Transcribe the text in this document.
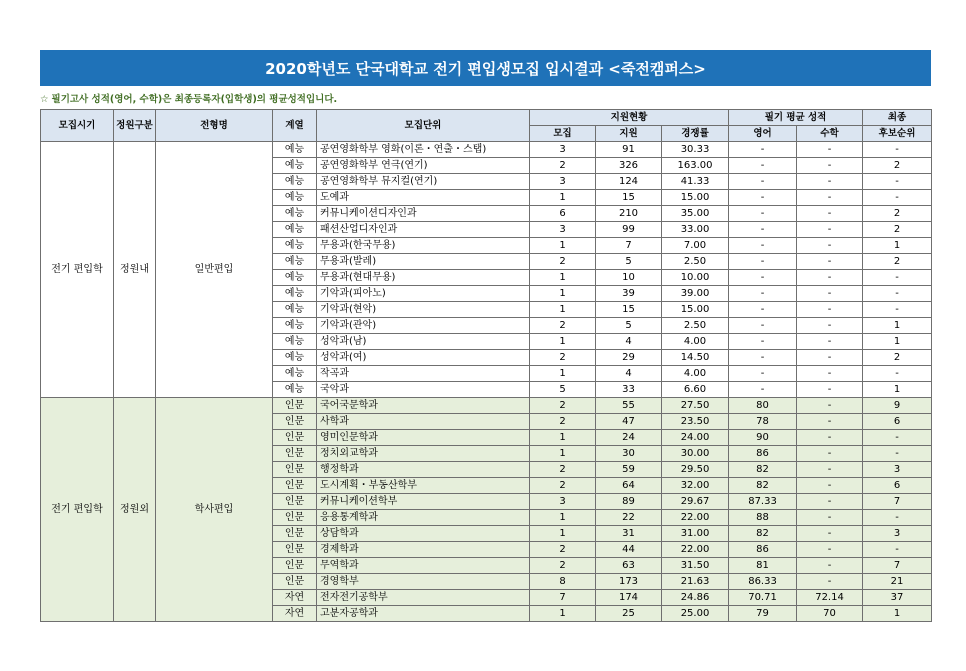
2020학년도 단국대학교 전기 편입생모집 입시결과 <죽전캠퍼스>
☆ 필기고사 성적(영어, 수학)은 최종등록자(입학생)의 평균성적입니다.
모집시기	정원구분	전형명	계열	모집단위	지원현황			필기 평균 성적		최종
					모집	지원	경쟁률	영어	수학	후보순위
전기 편입학	정원내	일반편입	예능	공연영화학부 영화(이론・연출・스탭)	3	91	30.33	-	-	-
			예능	공연영화학부 연극(연기)	2	326	163.00	-	-	2
			예능	공연영화학부 뮤지컬(연기)	3	124	41.33	-	-	-
			예능	도예과	1	15	15.00	-	-	-
			예능	커뮤니케이션디자인과	6	210	35.00	-	-	2
			예능	패션산업디자인과	3	99	33.00	-	-	2
			예능	무용과(한국무용)	1	7	7.00	-	-	1
			예능	무용과(발레)	2	5	2.50	-	-	2
			예능	무용과(현대무용)	1	10	10.00	-	-	-
			예능	기악과(피아노)	1	39	39.00	-	-	-
			예능	기악과(현악)	1	15	15.00	-	-	-
			예능	기악과(관악)	2	5	2.50	-	-	1
			예능	성악과(남)	1	4	4.00	-	-	1
			예능	성악과(여)	2	29	14.50	-	-	2
			예능	작곡과	1	4	4.00	-	-	-
			예능	국악과	5	33	6.60	-	-	1
전기 편입학	정원외	학사편입	인문	국어국문학과	2	55	27.50	80	-	9
			인문	사학과	2	47	23.50	78	-	6
			인문	영미인문학과	1	24	24.00	90	-	-
			인문	정치외교학과	1	30	30.00	86	-	-
			인문	행정학과	2	59	29.50	82	-	3
			인문	도시계획・부동산학부	2	64	32.00	82	-	6
			인문	커뮤니케이션학부	3	89	29.67	87.33	-	7
			인문	응용통계학과	1	22	22.00	88	-	-
			인문	상담학과	1	31	31.00	82	-	3
			인문	경제학과	2	44	22.00	86	-	-
			인문	무역학과	2	63	31.50	81	-	7
			인문	경영학부	8	173	21.63	86.33	-	21
			자연	전자전기공학부	7	174	24.86	70.71	72.14	37
			자연	고분자공학과	1	25	25.00	79	70	1
